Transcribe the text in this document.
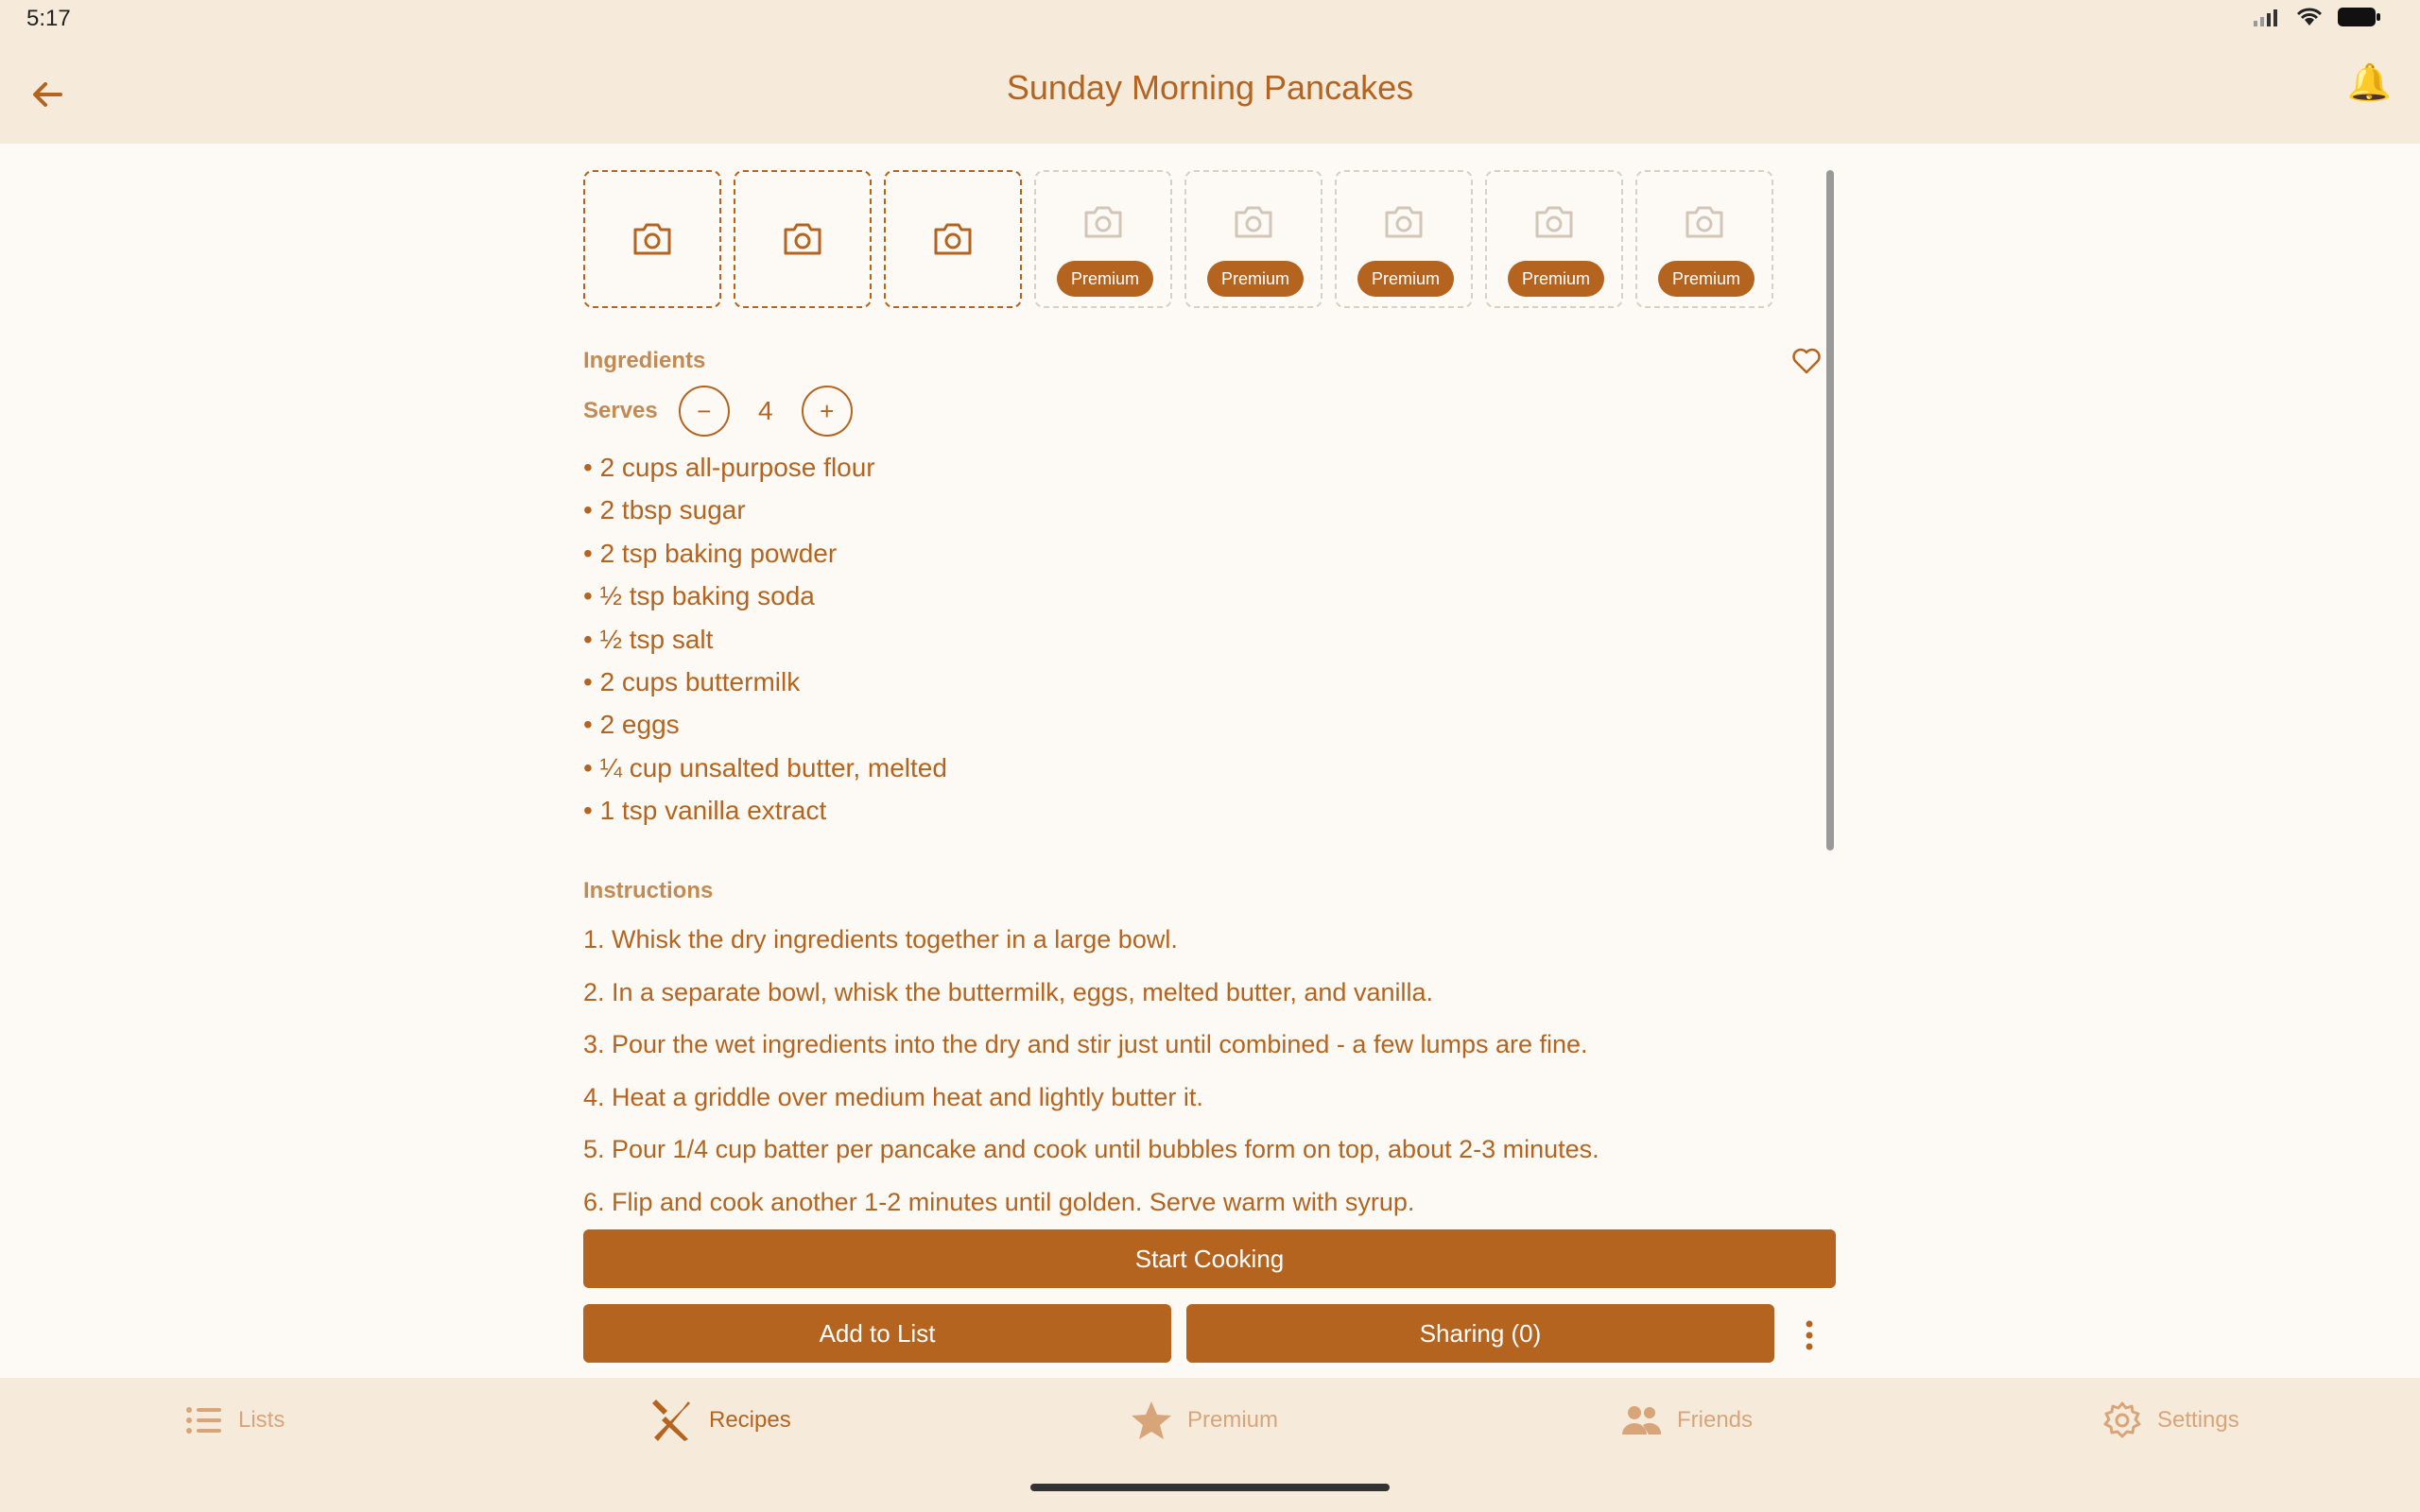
5:17
Sunday Morning Pancakes	🔔
Premium	Premium	Premium	Premium	Premium
Ingredients
Serves	−	4	+
• 2 cups all-purpose flour
• 2 tbsp sugar
• 2 tsp baking powder
• ½ tsp baking soda
• ½ tsp salt
• 2 cups buttermilk
• 2 eggs
• ¼ cup unsalted butter, melted
• 1 tsp vanilla extract
Instructions
1. Whisk the dry ingredients together in a large bowl.
2. In a separate bowl, whisk the buttermilk, eggs, melted butter, and vanilla.
3. Pour the wet ingredients into the dry and stir just until combined - a few lumps are fine.
4. Heat a griddle over medium heat and lightly butter it.
5. Pour 1/4 cup batter per pancake and cook until bubbles form on top, about 2-3 minutes.
6. Flip and cook another 1-2 minutes until golden. Serve warm with syrup.
Start Cooking
Add to List	Sharing (0)
Lists	Recipes	Premium	Friends	Settings
